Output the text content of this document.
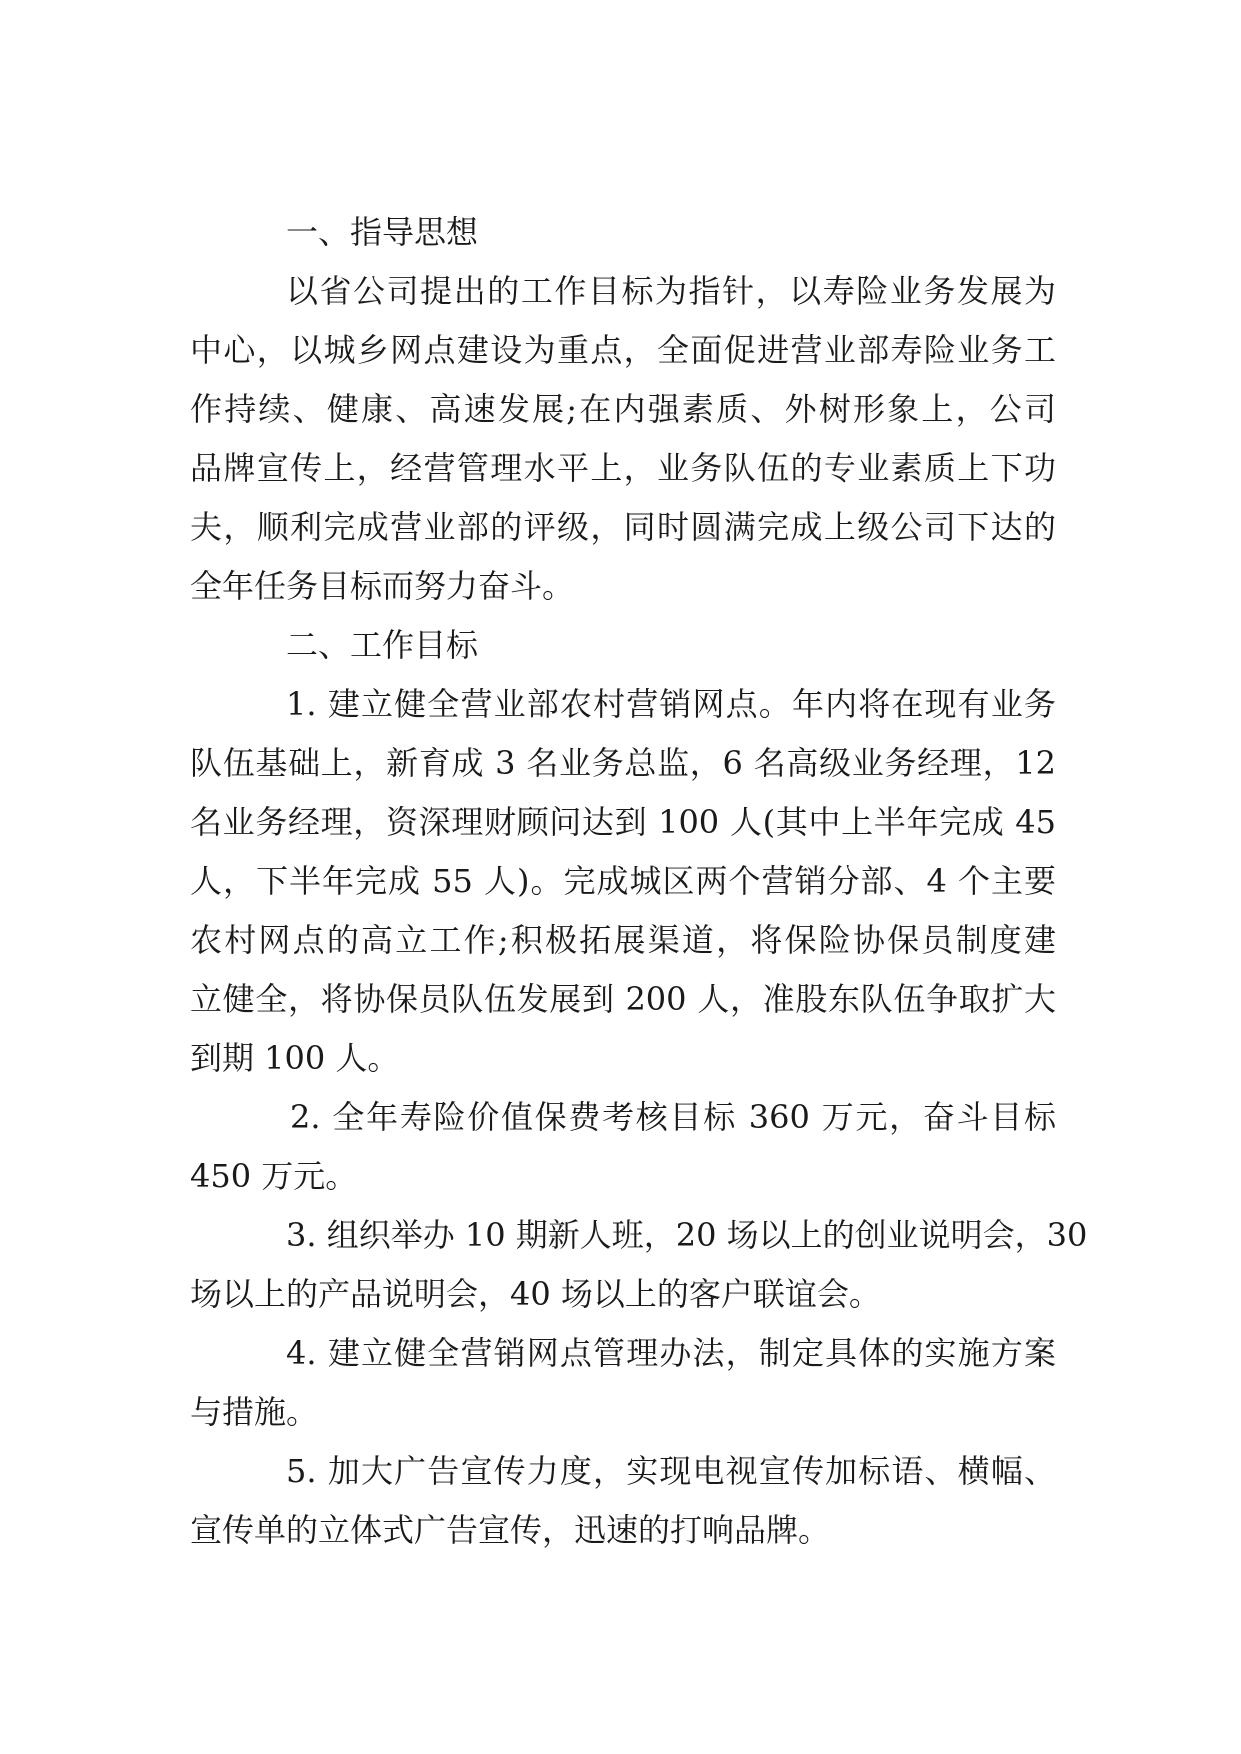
一、指导思想
以省公司提出的工作目标为指针，以寿险业务发展为
中心，以城乡网点建设为重点，全面促进营业部寿险业务工
作持续、健康、高速发展;在内强素质、外树形象上，公司
品牌宣传上，经营管理水平上，业务队伍的专业素质上下功
夫，顺利完成营业部的评级，同时圆满完成上级公司下达的
全年任务目标而努力奋斗。
二、工作目标
1. 建立健全营业部农村营销网点。年内将在现有业务
队伍基础上，新育成 3 名业务总监，6 名高级业务经理，12
名业务经理，资深理财顾问达到 100 人(其中上半年完成 45
人，下半年完成 55 人)。完成城区两个营销分部、4 个主要
农村网点的高立工作;积极拓展渠道，将保险协保员制度建
立健全，将协保员队伍发展到 200 人，准股东队伍争取扩大
到期 100 人。
2. 全年寿险价值保费考核目标 360 万元，奋斗目标
450 万元。
3. 组织举办 10 期新人班，20 场以上的创业说明会，30
场以上的产品说明会，40 场以上的客户联谊会。
4. 建立健全营销网点管理办法，制定具体的实施方案
与措施。
5. 加大广告宣传力度，实现电视宣传加标语、横幅、
宣传单的立体式广告宣传，迅速的打响品牌。
